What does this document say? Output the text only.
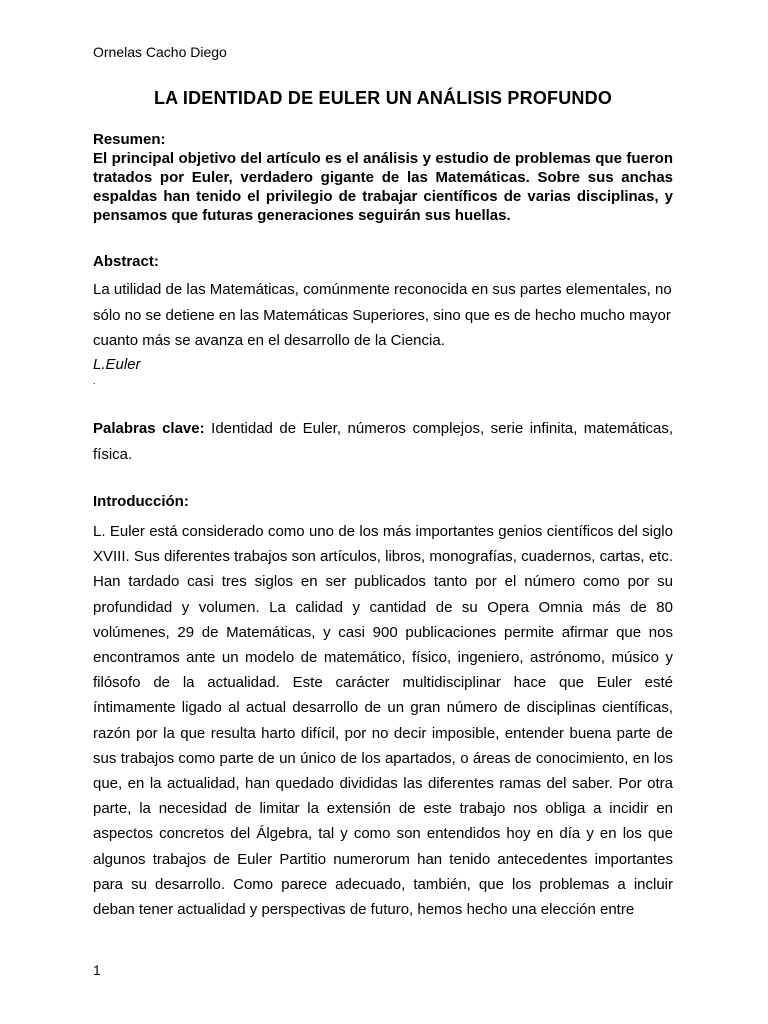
Ornelas Cacho Diego
LA IDENTIDAD DE EULER UN ANÁLISIS PROFUNDO
Resumen:
El principal objetivo del artículo es el análisis y estudio de problemas que fueron tratados por Euler, verdadero gigante de las Matemáticas. Sobre sus anchas espaldas han tenido el privilegio de trabajar científicos de varias disciplinas, y pensamos que futuras generaciones seguirán sus huellas.
Abstract:
La utilidad de las Matemáticas, comúnmente reconocida en sus partes elementales, no sólo no se detiene en las Matemáticas Superiores, sino que es de hecho mucho mayor cuanto más se avanza en el desarrollo de la Ciencia.
L.Euler
.
Palabras clave: Identidad de Euler, números complejos, serie infinita, matemáticas, física.
Introducción:
L. Euler está considerado como uno de los más importantes genios científicos del siglo XVIII. Sus diferentes trabajos son artículos, libros, monografías, cuadernos, cartas, etc. Han tardado casi tres siglos en ser publicados tanto por el número como por su profundidad y volumen. La calidad y cantidad de su Opera Omnia más de 80 volúmenes, 29 de Matemáticas, y casi 900 publicaciones permite afirmar que nos encontramos ante un modelo de matemático, físico, ingeniero, astrónomo, músico y filósofo de la actualidad. Este carácter multidisciplinar hace que Euler esté íntimamente ligado al actual desarrollo de un gran número de disciplinas científicas, razón por la que resulta harto difícil, por no decir imposible, entender buena parte de sus trabajos como parte de un único de los apartados, o áreas de conocimiento, en los que, en la actualidad, han quedado divididas las diferentes ramas del saber. Por otra parte, la necesidad de limitar la extensión de este trabajo nos obliga a incidir en aspectos concretos del Álgebra, tal y como son entendidos hoy en día y en los que algunos trabajos de Euler Partitio numerorum han tenido antecedentes importantes para su desarrollo. Como parece adecuado, también, que los problemas a incluir deban tener actualidad y perspectivas de futuro, hemos hecho una elección entre
1
